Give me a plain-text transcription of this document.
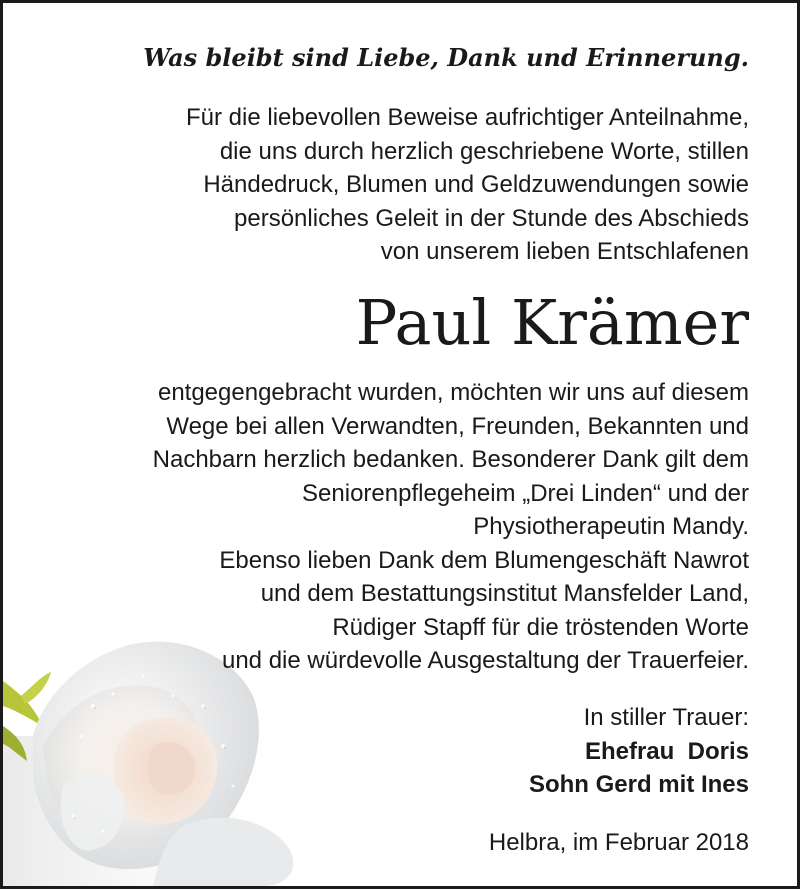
Was bleibt sind Liebe, Dank und Erinnerung.
Für die liebevollen Beweise aufrichtiger Anteilnahme,
die uns durch herzlich geschriebene Worte, stillen
Händedruck, Blumen und Geldzuwendungen sowie
persönliches Geleit in der Stunde des Abschieds
von unserem lieben Entschlafenen
Paul Krämer
entgegengebracht wurden, möchten wir uns auf diesem
Wege bei allen Verwandten, Freunden, Bekannten und
Nachbarn herzlich bedanken. Besonderer Dank gilt dem
Seniorenpflegeheim „Drei Linden“ und der
Physiotherapeutin Mandy.
Ebenso lieben Dank dem Blumengeschäft Nawrot
und dem Bestattungsinstitut Mansfelder Land,
Rüdiger Stapff für die tröstenden Worte
und die würdevolle Ausgestaltung der Trauerfeier.
In stiller Trauer:
Ehefrau  Doris
Sohn Gerd mit Ines
Helbra, im Februar 2018
